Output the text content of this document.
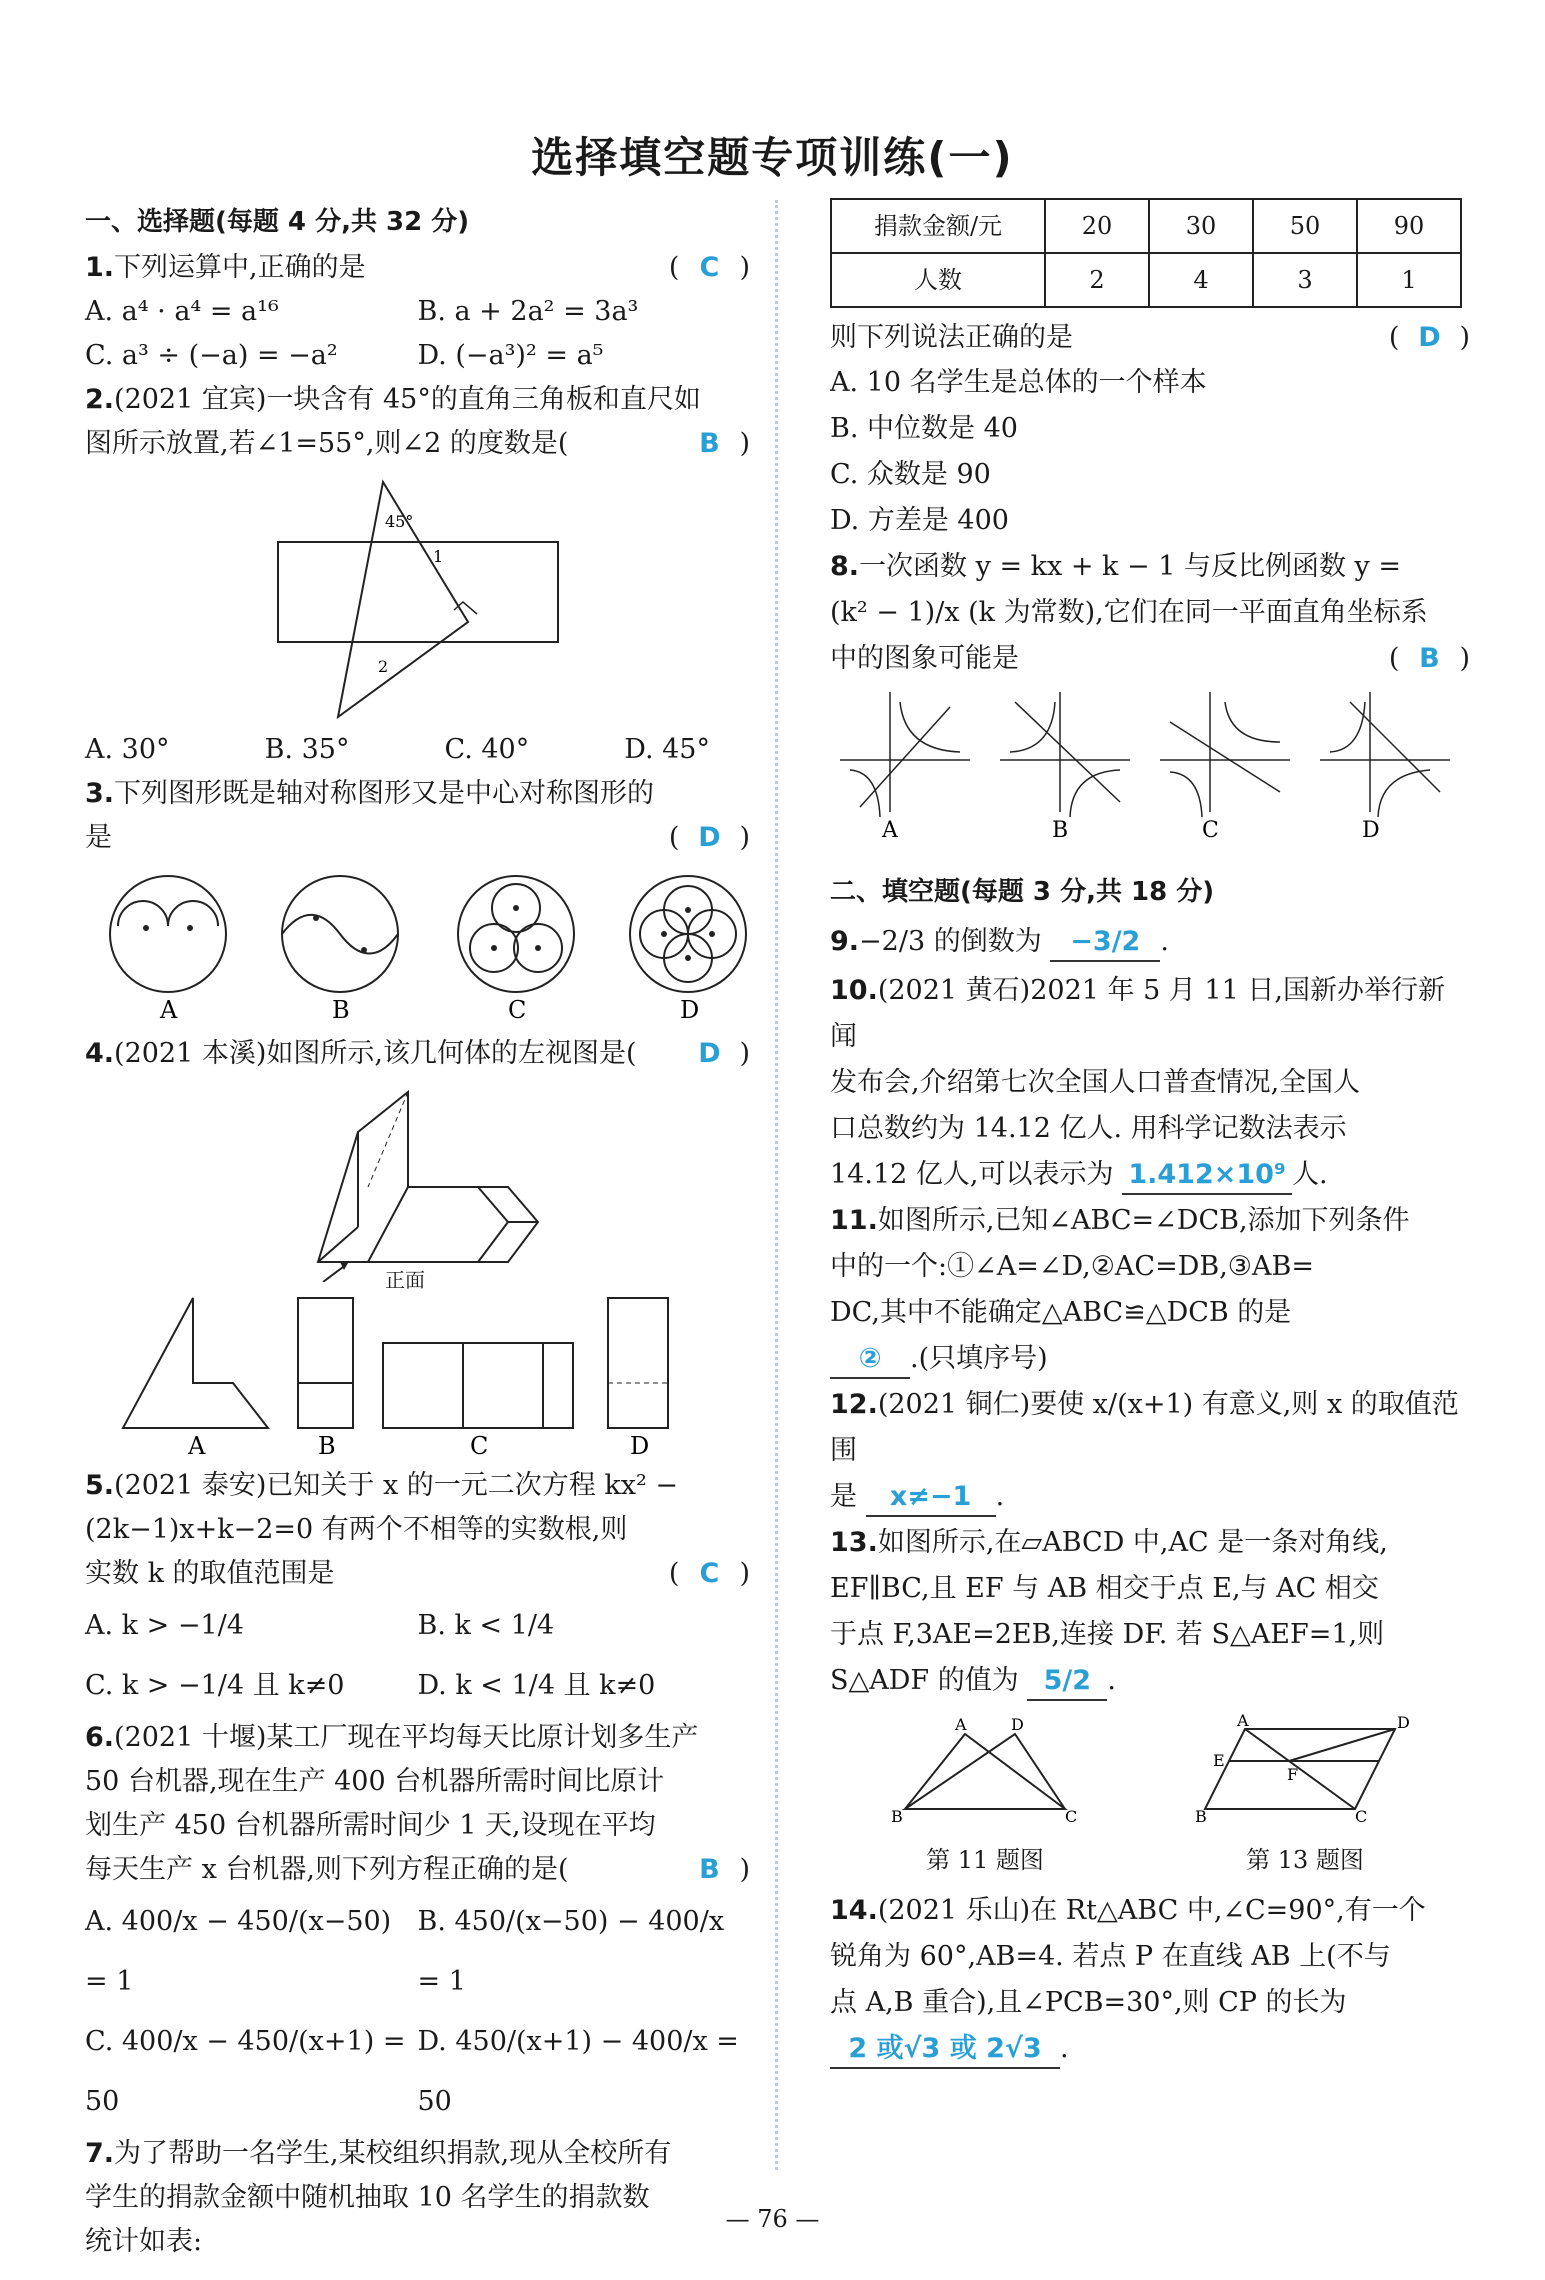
选择填空题专项训练(一)
一、选择题(每题 4 分,共 32 分)
1.下列运算中,正确的是	( C )
A. a⁴ · a⁴ = a¹⁶	B. a + 2a² = 3a³
C. a³ ÷ (−a) = −a²	D. (−a³)² = a⁵
2.(2021 宜宾)一块含有 45°的直角三角板和直尺如
图所示放置,若∠1=55°,则∠2 的度数是(	B )
45°
1
2
A. 30°	B. 35°	C. 40°	D. 45°
3.下列图形既是轴对称图形又是中心对称图形的
是	( D )
A	B	C	D
4.(2021 本溪)如图所示,该几何体的左视图是(	D )
正面
A	B	C	D
5.(2021 泰安)已知关于 x 的一元二次方程 kx² −
(2k−1)x+k−2=0 有两个不相等的实数根,则
实数 k 的取值范围是	( C )
A. k > −1/4	B. k < 1/4
C. k > −1/4 且 k≠0	D. k < 1/4 且 k≠0
6.(2021 十堰)某工厂现在平均每天比原计划多生产
50 台机器,现在生产 400 台机器所需时间比原计
划生产 450 台机器所需时间少 1 天,设现在平均
每天生产 x 台机器,则下列方程正确的是(	B )
A. 400/x − 450/(x−50) = 1
B. 450/(x−50) − 400/x = 1
C. 400/x − 450/(x+1) = 50
D. 450/(x+1) − 400/x = 50
7.为了帮助一名学生,某校组织捐款,现从全校所有
学生的捐款金额中随机抽取 10 名学生的捐款数
统计如表:
捐款金额/元	20	30	50	90
人数	2	4	3	1
则下列说法正确的是	( D )
A. 10 名学生是总体的一个样本
B. 中位数是 40
C. 众数是 90
D. 方差是 400
8.一次函数 y = kx + k − 1 与反比例函数 y =
(k² − 1)/x (k 为常数),它们在同一平面直角坐标系
中的图象可能是	( B )
A	B	C	D
二、填空题(每题 3 分,共 18 分)
9.−2/3 的倒数为 −3/2 .
10.(2021 黄石)2021 年 5 月 11 日,国新办举行新闻
发布会,介绍第七次全国人口普查情况,全国人
口总数约为 14.12 亿人. 用科学记数法表示
14.12 亿人,可以表示为 1.412×10⁹ 人.
11.如图所示,已知∠ABC=∠DCB,添加下列条件
中的一个:①∠A=∠D,②AC=DB,③AB=
DC,其中不能确定△ABC≌△DCB 的是
② .(只填序号)
12.(2021 铜仁)要使 x/(x+1) 有意义,则 x 的取值范围
是 x≠−1 .
13.如图所示,在▱ABCD 中,AC 是一条对角线,
EF∥BC,且 EF 与 AB 相交于点 E,与 AC 相交
于点 F,3AE=2EB,连接 DF. 若 S△AEF=1,则
S△ADF 的值为 5/2 .
A	D
B	C
第 11 题图
A	D
E
F
B	C
第 13 题图
14.(2021 乐山)在 Rt△ABC 中,∠C=90°,有一个
锐角为 60°,AB=4. 若点 P 在直线 AB 上(不与
点 A,B 重合),且∠PCB=30°,则 CP 的长为
2 或√3 或 2√3 .
— 76 —
